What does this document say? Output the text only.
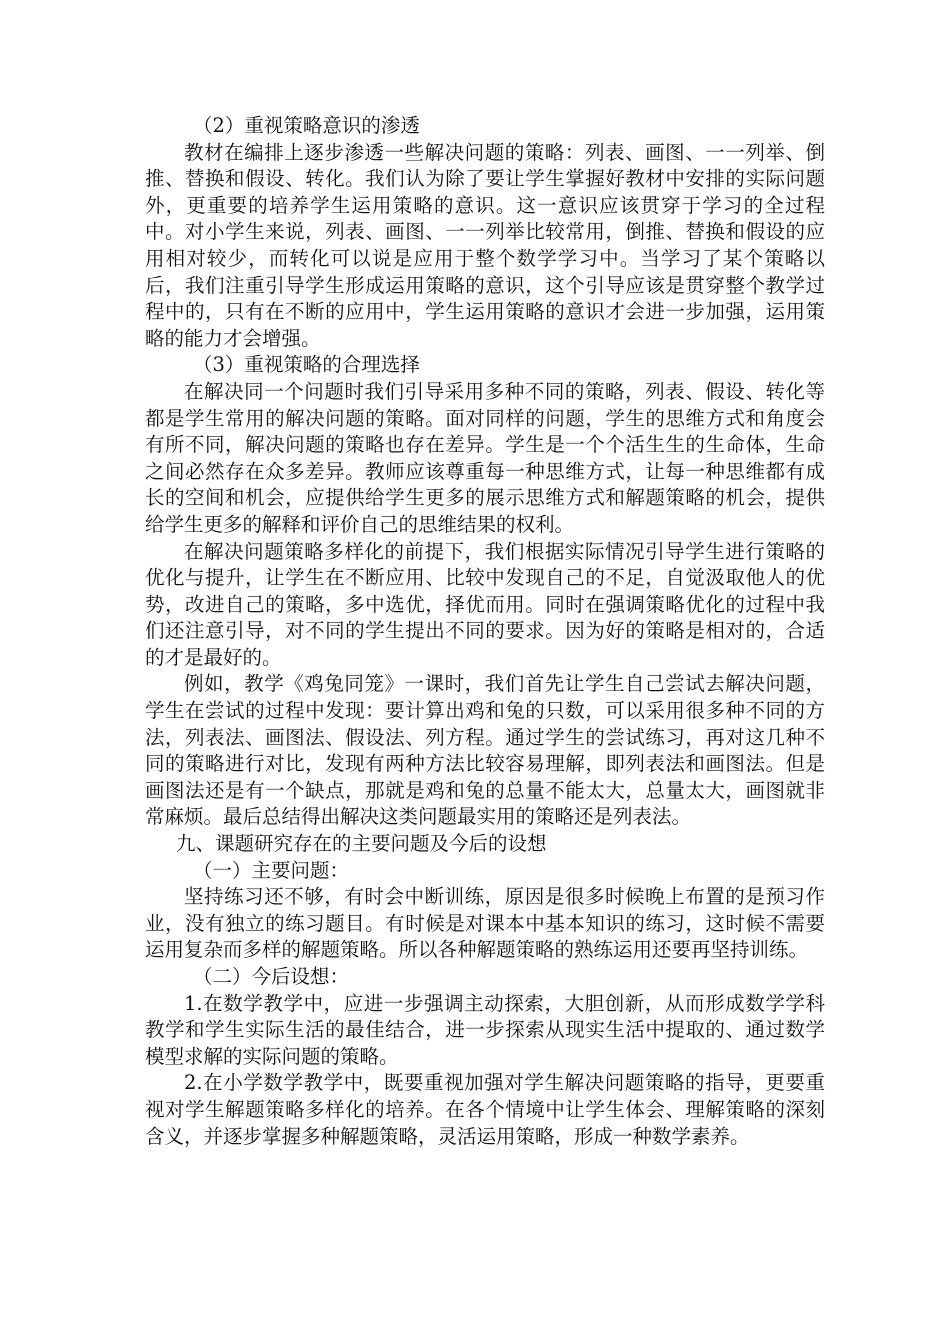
（2）重视策略意识的渗透

教材在编排上逐步渗透一些解决问题的策略：列表、画图、一一列举、倒推、替换和假设、转化。我们认为除了要让学生掌握好教材中安排的实际问题外，更重要的培养学生运用策略的意识。这一意识应该贯穿于学习的全过程中。对小学生来说，列表、画图、一一列举比较常用，倒推、替换和假设的应用相对较少，而转化可以说是应用于整个数学学习中。当学习了某个策略以后，我们注重引导学生形成运用策略的意识，这个引导应该是贯穿整个教学过程中的，只有在不断的应用中，学生运用策略的意识才会进一步加强，运用策略的能力才会增强。

（3）重视策略的合理选择

在解决同一个问题时我们引导采用多种不同的策略，列表、假设、转化等都是学生常用的解决问题的策略。面对同样的问题，学生的思维方式和角度会有所不同，解决问题的策略也存在差异。学生是一个个活生生的生命体，生命之间必然存在众多差异。教师应该尊重每一种思维方式，让每一种思维都有成长的空间和机会，应提供给学生更多的展示思维方式和解题策略的机会，提供给学生更多的解释和评价自己的思维结果的权利。

在解决问题策略多样化的前提下，我们根据实际情况引导学生进行策略的优化与提升，让学生在不断应用、比较中发现自己的不足，自觉汲取他人的优势，改进自己的策略，多中选优，择优而用。同时在强调策略优化的过程中我们还注意引导，对不同的学生提出不同的要求。因为好的策略是相对的，合适的才是最好的。

例如，教学《鸡兔同笼》一课时，我们首先让学生自己尝试去解决问题，学生在尝试的过程中发现：要计算出鸡和兔的只数，可以采用很多种不同的方法，列表法、画图法、假设法、列方程。通过学生的尝试练习，再对这几种不同的策略进行对比，发现有两种方法比较容易理解，即列表法和画图法。但是画图法还是有一个缺点，那就是鸡和兔的总量不能太大，总量太大，画图就非常麻烦。最后总结得出解决这类问题最实用的策略还是列表法。

九、课题研究存在的主要问题及今后的设想
（一）主要问题：

坚持练习还不够，有时会中断训练，原因是很多时候晚上布置的是预习作业，没有独立的练习题目。有时候是对课本中基本知识的练习，这时候不需要运用复杂而多样的解题策略。所以各种解题策略的熟练运用还要再坚持训练。

（二）今后设想：

1.在数学教学中，应进一步强调主动探索，大胆创新，从而形成数学学科教学和学生实际生活的最佳结合，进一步探索从现实生活中提取的、通过数学模型求解的实际问题的策略。

2.在小学数学教学中，既要重视加强对学生解决问题策略的指导，更要重视对学生解题策略多样化的培养。在各个情境中让学生体会、理解策略的深刻含义，并逐步掌握多种解题策略，灵活运用策略，形成一种数学素养。
